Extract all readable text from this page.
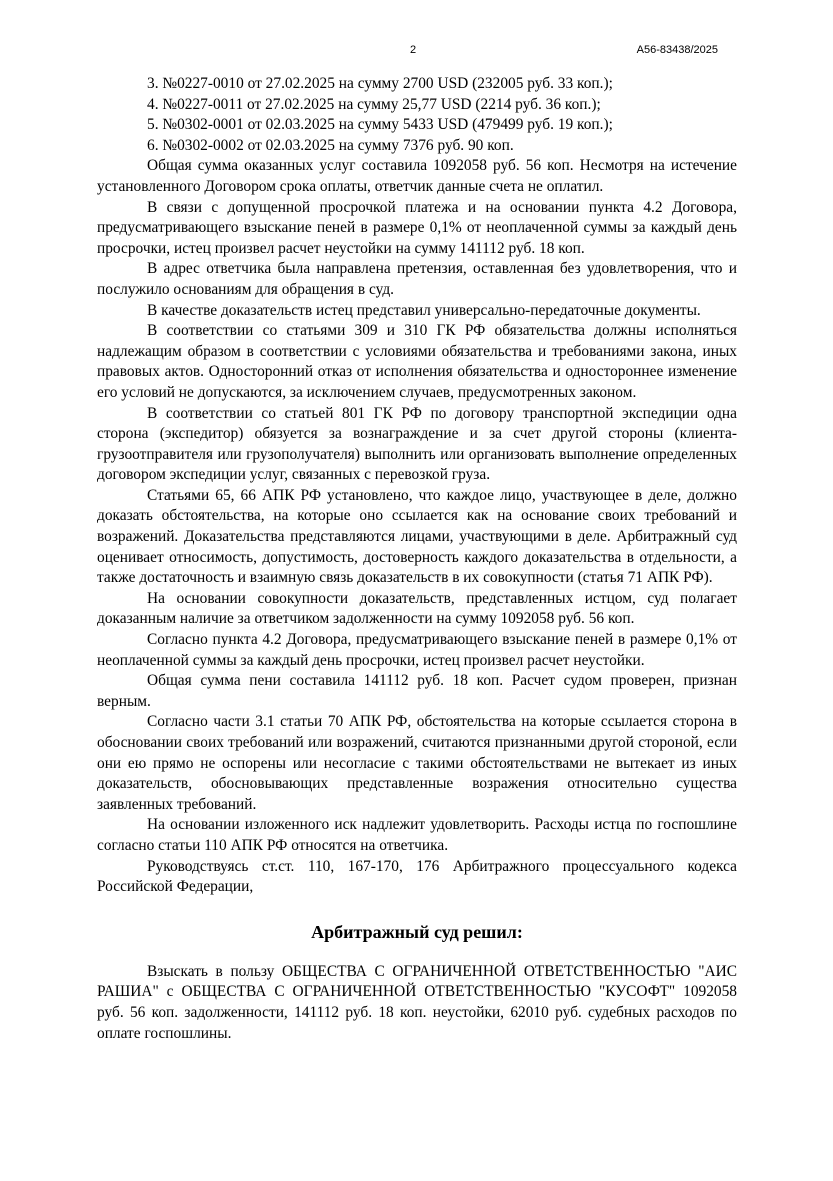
2	А56-83438/2025

3. №0227-0010 от 27.02.2025 на сумму 2700 USD (232005 руб. 33 коп.);

4. №0227-0011 от 27.02.2025 на сумму 25,77 USD (2214 руб. 36 коп.);

5. №0302-0001 от 02.03.2025 на сумму 5433 USD (479499 руб. 19 коп.);

6. №0302-0002 от 02.03.2025 на сумму 7376 руб. 90 коп.

Общая сумма оказанных услуг составила 1092058 руб. 56 коп. Несмотря на истечение установленного Договором срока оплаты, ответчик данные счета не оплатил.

В связи с допущенной просрочкой платежа и на основании пункта 4.2 Договора, предусматривающего взыскание пеней в размере 0,1% от неоплаченной суммы за каждый день просрочки, истец произвел расчет неустойки на сумму 141112 руб. 18 коп.

В адрес ответчика была направлена претензия, оставленная без удовлетворения, что и послужило основаниям для обращения в суд.

В качестве доказательств истец представил универсально-передаточные документы.

В соответствии со статьями 309 и 310 ГК РФ обязательства должны исполняться надлежащим образом в соответствии с условиями обязательства и требованиями закона, иных правовых актов. Односторонний отказ от исполнения обязательства и одностороннее изменение его условий не допускаются, за исключением случаев, предусмотренных законом.

В соответствии со статьей 801 ГК РФ по договору транспортной экспедиции одна сторона (экспедитор) обязуется за вознаграждение и за счет другой стороны (клиента-грузоотправителя или грузополучателя) выполнить или организовать выполнение определенных договором экспедиции услуг, связанных с перевозкой груза.

Статьями 65, 66 АПК РФ установлено, что каждое лицо, участвующее в деле, должно доказать обстоятельства, на которые оно ссылается как на основание своих требований и возражений. Доказательства представляются лицами, участвующими в деле. Арбитражный суд оценивает относимость, допустимость, достоверность каждого доказательства в отдельности, а также достаточность и взаимную связь доказательств в их совокупности (статья 71 АПК РФ).

На основании совокупности доказательств, представленных истцом, суд полагает доказанным наличие за ответчиком задолженности на сумму 1092058 руб. 56 коп.

Согласно пункта 4.2 Договора, предусматривающего взыскание пеней в размере 0,1% от неоплаченной суммы за каждый день просрочки, истец произвел расчет неустойки.

Общая сумма пени составила 141112 руб. 18 коп. Расчет судом проверен, признан верным.

Согласно части 3.1 статьи 70 АПК РФ, обстоятельства на которые ссылается сторона в обосновании своих требований или возражений, считаются признанными другой стороной, если они ею прямо не оспорены или несогласие с такими обстоятельствами не вытекает из иных доказательств, обосновывающих представленные возражения относительно существа заявленных требований.

На основании изложенного иск надлежит удовлетворить. Расходы истца по госпошлине согласно статьи 110 АПК РФ относятся на ответчика.

Руководствуясь ст.ст. 110, 167-170, 176 Арбитражного процессуального кодекса Российской Федерации,

Арбитражный суд решил:

Взыскать в пользу ОБЩЕСТВА С ОГРАНИЧЕННОЙ ОТВЕТСТВЕННОСТЬЮ "АИС РАШИА" с ОБЩЕСТВА С ОГРАНИЧЕННОЙ ОТВЕТСТВЕННОСТЬЮ "КУСОФТ" 1092058 руб. 56 коп. задолженности, 141112 руб. 18 коп. неустойки, 62010 руб. судебных расходов по оплате госпошлины.
